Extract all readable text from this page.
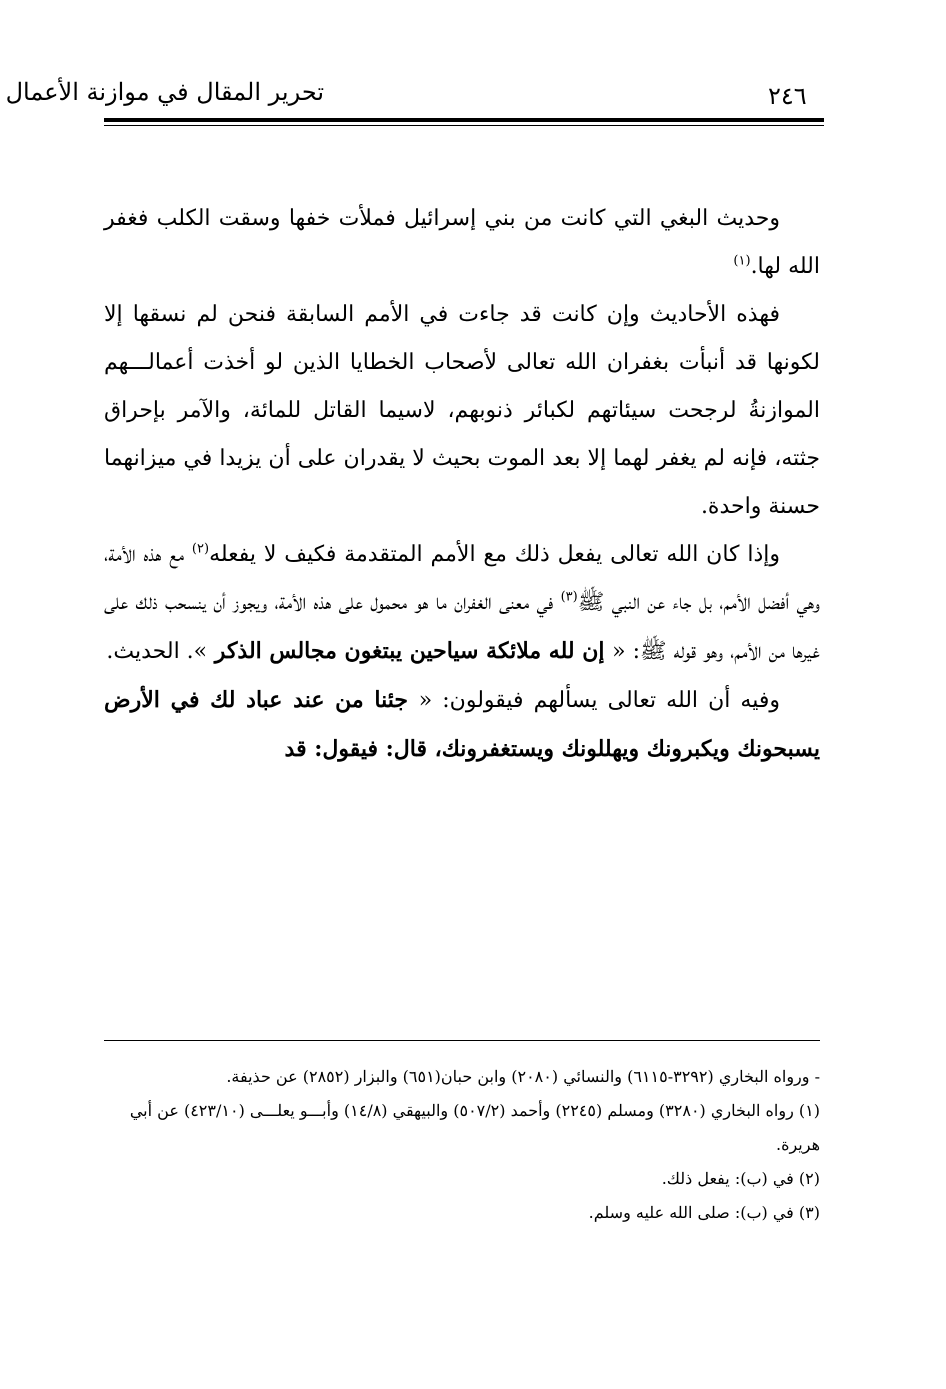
٢٤٦
تحرير المقال في موازنة الأعمال

وحديث البغي التي كانت من بني إسرائيل فملأت خفها وسقت الكلب فغفر الله لها.$^{(١)}$

فهذه الأحاديث وإن كانت قد جاءت في الأمم السابقة فنحن لم نسقها إلا لكونها قد أنبأت بغفران الله تعالى لأصحاب الخطايا الذين لو أخذت أعمالـــهم الموازنةُ لرجحت سيئاتهم لكبائر ذنوبهم، لاسيما القاتل للمائة، والآمر بإحراق جثته، فإنه لم يغفر لهما إلا بعد الموت بحيث لا يقدران على أن يزيدا في ميزانهما حسنة واحدة.

وإذا كان الله تعالى يفعل ذلك مع الأمم المتقدمة فكيف لا يفعله$^{(٢)}$ مع هذه الأمة، وهي أفضل الأمم، بل جاء عن النبي ﷺ$^{(٣)}$ في معنى الغفران ما هو محمول على هذه الأمة، ويجوز أن ينسحب ذلك على غيرها من الأمم، وهو قوله ﷺ: « إن لله ملائكة سياحين يبتغون مجالس الذكر ». الحديث.

وفيه أن الله تعالى يسألهم فيقولون: « جئنا من عند عباد لك في الأرض يسبحونك ويكبرونك ويهللونك ويستغفرونك، قال: فيقول: قد

- ورواه البخاري (٣٢٩٢-٦١١٥) والنسائي (٢٠٨٠) وابن حبان(٦٥١) والبزار (٢٨٥٢) عن حذيفة.

(١) رواه البخاري (٣٢٨٠) ومسلم (٢٢٤٥) وأحمد (٥٠٧/٢) والبيهقي (١٤/٨) وأبـــو يعلـــى (٤٢٣/١٠) عن أبي هريرة.

(٢) في (ب): يفعل ذلك.

(٣) في (ب): صلى الله عليه وسلم.
